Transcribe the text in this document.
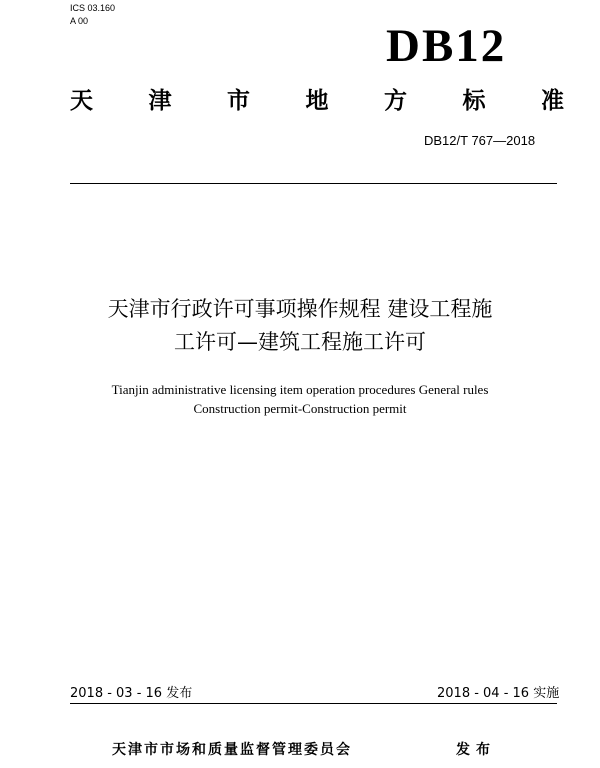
ICS 03.160
A 00	DB12
天 津 市 地 方 标 准
DB12/T 767—2018
天津市行政许可事项操作规程 建设工程施
工许可—建筑工程施工许可
Tianjin administrative licensing item operation procedures General rules
Construction permit-Construction permit
2018 - 03 - 16 发布	2018 - 04 - 16 实施
天津市市场和质量监督管理委员会	发布
